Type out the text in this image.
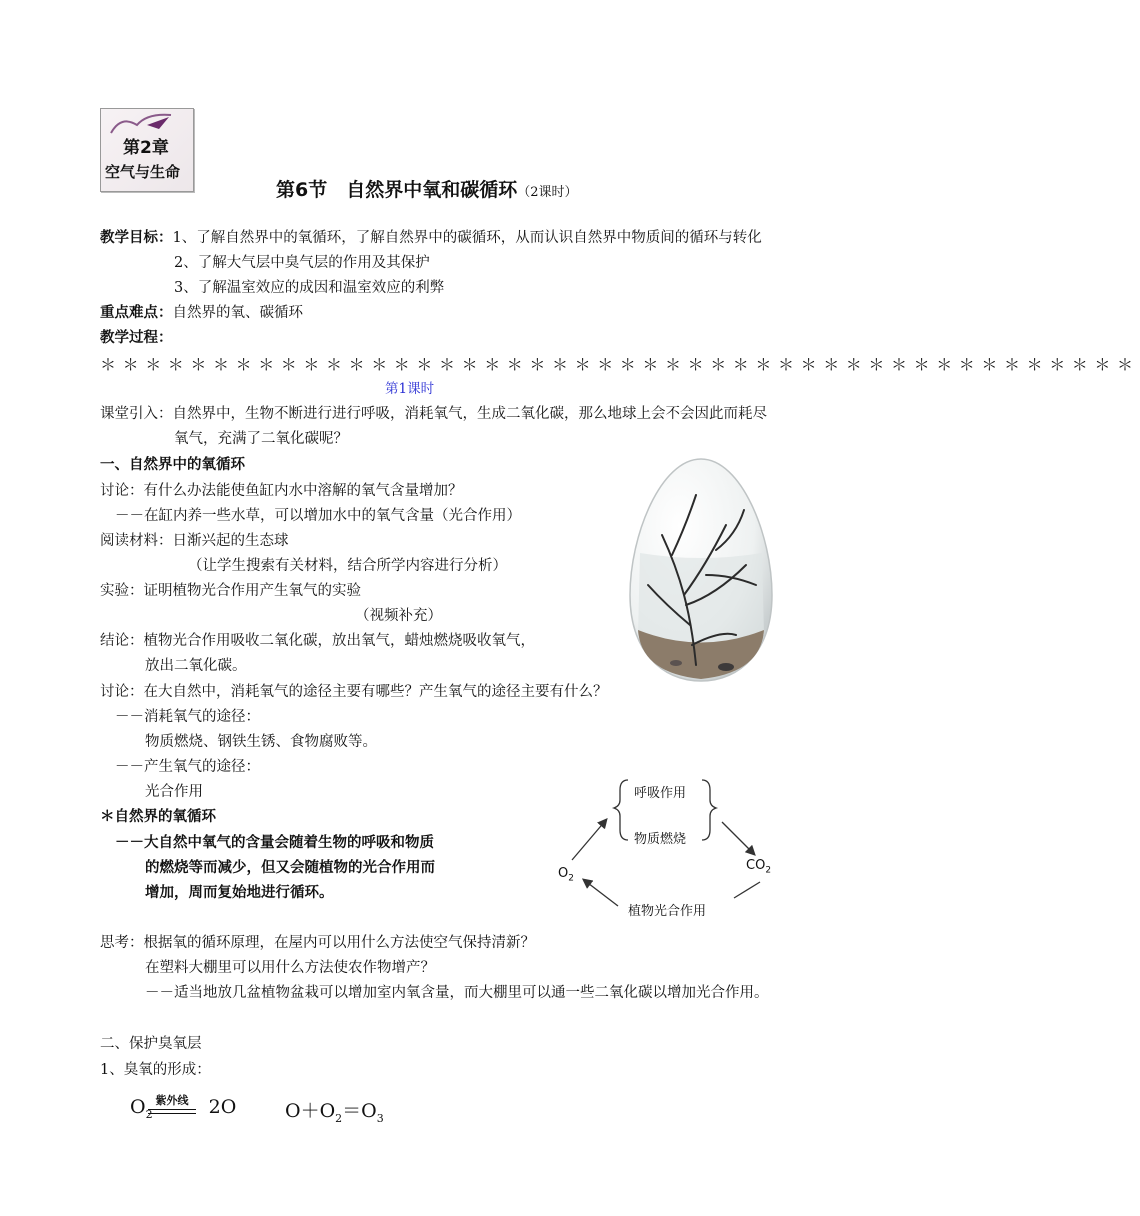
第2章
空气与生命
第6节　自然界中氧和碳循环（2课时）
教学目标：1、了解自然界中的氧循环，了解自然界中的碳循环，从而认识自然界中物质间的循环与转化
2、了解大气层中臭气层的作用及其保护
3、了解温室效应的成因和温室效应的利弊
重点难点：自然界的氧、碳循环
教学过程：
＊＊＊＊＊＊＊＊＊＊＊＊＊＊＊＊＊＊＊＊＊＊＊＊＊＊＊＊＊＊＊＊＊＊＊＊＊＊＊＊＊＊＊＊＊＊
第1课时
课堂引入：自然界中，生物不断进行进行呼吸，消耗氧气，生成二氧化碳，那么地球上会不会因此而耗尽
氧气，充满了二氧化碳呢？
一、自然界中的氧循环
讨论：有什么办法能使鱼缸内水中溶解的氧气含量增加？
－－在缸内养一些水草，可以增加水中的氧气含量（光合作用）
阅读材料：日渐兴起的生态球
（让学生搜索有关材料，结合所学内容进行分析）
实验：证明植物光合作用产生氧气的实验
（视频补充）
结论：植物光合作用吸收二氧化碳，放出氧气，蜡烛燃烧吸收氧气，
放出二氧化碳。
讨论：在大自然中，消耗氧气的途径主要有哪些？产生氧气的途径主要有什么？
－－消耗氧气的途径：
物质燃烧、钢铁生锈、食物腐败等。
－－产生氧气的途径：
光合作用
＊自然界的氧循环
－－大自然中氧气的含量会随着生物的呼吸和物质
的燃烧等而减少，但又会随植物的光合作用而
增加，周而复始地进行循环。
呼吸作用
物质燃烧
$O_2$
$CO_2$
植物光合作用
思考：根据氧的循环原理，在屋内可以用什么方法使空气保持清新？
在塑料大棚里可以用什么方法使农作物增产？
－－适当地放几盆植物盆栽可以增加室内氧含量，而大棚里可以通一些二氧化碳以增加光合作用。
二、保护臭氧层
1、臭氧的形成：
$O_2$
紫外线	2O	$O+O_2=O_3$
